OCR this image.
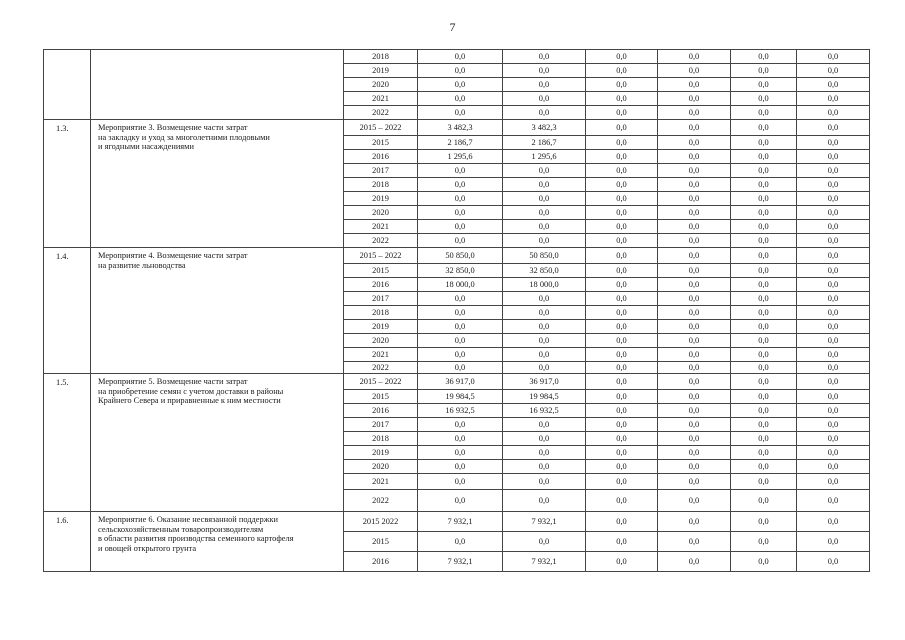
7
		2018	0,0	0,0	0,0	0,0	0,0	0,0
		2019	0,0	0,0	0,0	0,0	0,0	0,0
		2020	0,0	0,0	0,0	0,0	0,0	0,0
		2021	0,0	0,0	0,0	0,0	0,0	0,0
		2022	0,0	0,0	0,0	0,0	0,0	0,0
1.3.	Мероприятие 3. Возмещение части затрат
на закладку и уход за многолетними плодовыми
и ягодными насаждениями	2015 – 2022	3 482,3	3 482,3	0,0	0,0	0,0	0,0
		2015	2 186,7	2 186,7	0,0	0,0	0,0	0,0
		2016	1 295,6	1 295,6	0,0	0,0	0,0	0,0
		2017	0,0	0,0	0,0	0,0	0,0	0,0
		2018	0,0	0,0	0,0	0,0	0,0	0,0
		2019	0,0	0,0	0,0	0,0	0,0	0,0
		2020	0,0	0,0	0,0	0,0	0,0	0,0
		2021	0,0	0,0	0,0	0,0	0,0	0,0
		2022	0,0	0,0	0,0	0,0	0,0	0,0
1.4.	Мероприятие 4. Возмещение части затрат
на развитие льноводства	2015 – 2022	50 850,0	50 850,0	0,0	0,0	0,0	0,0
		2015	32 850,0	32 850,0	0,0	0,0	0,0	0,0
		2016	18 000,0	18 000,0	0,0	0,0	0,0	0,0
		2017	0,0	0,0	0,0	0,0	0,0	0,0
		2018	0,0	0,0	0,0	0,0	0,0	0,0
		2019	0,0	0,0	0,0	0,0	0,0	0,0
		2020	0,0	0,0	0,0	0,0	0,0	0,0
		2021	0,0	0,0	0,0	0,0	0,0	0,0
		2022	0,0	0,0	0,0	0,0	0,0	0,0
1.5.	Мероприятие 5. Возмещение части затрат
на приобретение семян с учетом доставки в районы
Крайнего Севера и приравненные к ним местности	2015 – 2022	36 917,0	36 917,0	0,0	0,0	0,0	0,0
		2015	19 984,5	19 984,5	0,0	0,0	0,0	0,0
		2016	16 932,5	16 932,5	0,0	0,0	0,0	0,0
		2017	0,0	0,0	0,0	0,0	0,0	0,0
		2018	0,0	0,0	0,0	0,0	0,0	0,0
		2019	0,0	0,0	0,0	0,0	0,0	0,0
		2020	0,0	0,0	0,0	0,0	0,0	0,0
		2021	0,0	0,0	0,0	0,0	0,0	0,0
		2022	0,0	0,0	0,0	0,0	0,0	0,0
1.6.	Мероприятие 6. Оказание несвязанной поддержки
сельскохозяйственным товаропроизводителям
в области развития производства семенного картофеля
и овощей открытого грунта	2015 2022	7 932,1	7 932,1	0,0	0,0	0,0	0,0
		2015	0,0	0,0	0,0	0,0	0,0	0,0
		2016	7 932,1	7 932,1	0,0	0,0	0,0	0,0
